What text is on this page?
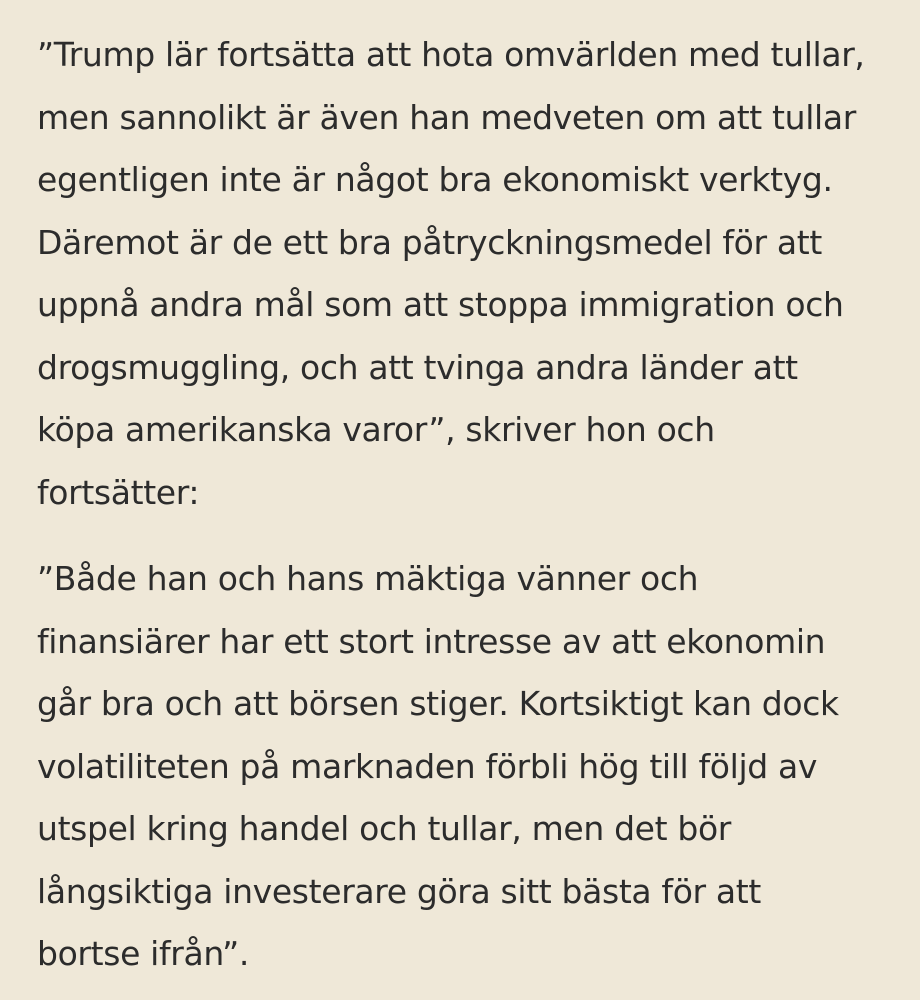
”Trump lär fortsätta att hota omvärlden med tullar,
men sannolikt är även han medveten om att tullar
egentligen inte är något bra ekonomiskt verktyg.
Däremot är de ett bra påtryckningsmedel för att
uppnå andra mål som att stoppa immigration och
drogsmuggling, och att tvinga andra länder att
köpa amerikanska varor”, skriver hon och
fortsätter:

”Både han och hans mäktiga vänner och
finansiärer har ett stort intresse av att ekonomin
går bra och att börsen stiger. Kortsiktigt kan dock
volatiliteten på marknaden förbli hög till följd av
utspel kring handel och tullar, men det bör
långsiktiga investerare göra sitt bästa för att
bortse ifrån”.
